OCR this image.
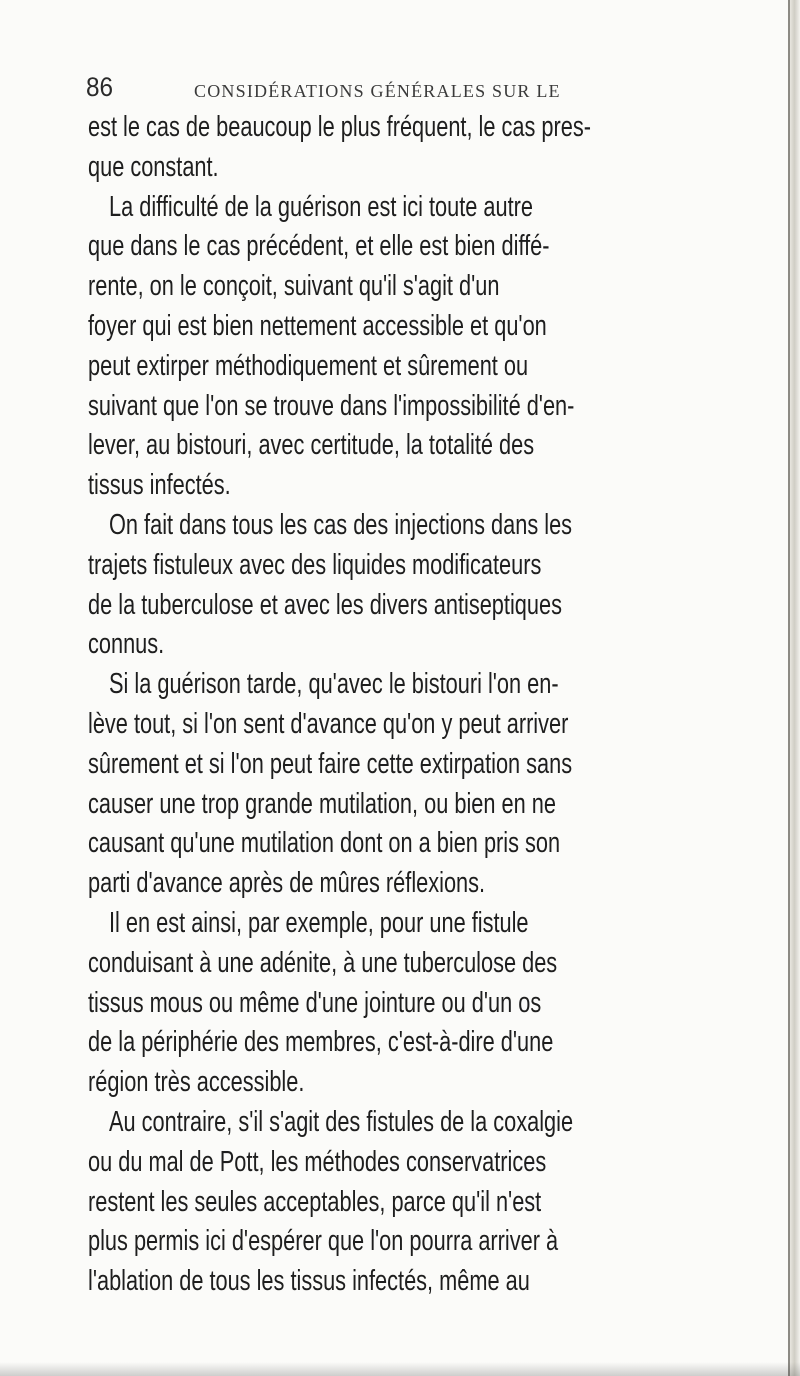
86	CONSIDÉRATIONS GÉNÉRALES SUR LE
est le cas de beaucoup le plus fréquent, le cas pres-
que constant.
La difficulté de la guérison est ici toute autre
que dans le cas précédent, et elle est bien diffé-
rente, on le conçoit, suivant qu'il s'agit d'un
foyer qui est bien nettement accessible et qu'on
peut extirper méthodiquement et sûrement ou
suivant que l'on se trouve dans l'impossibilité d'en-
lever, au bistouri, avec certitude, la totalité des
tissus infectés.
On fait dans tous les cas des injections dans les
trajets fistuleux avec des liquides modificateurs
de la tuberculose et avec les divers antiseptiques
connus.
Si la guérison tarde, qu'avec le bistouri l'on en-
lève tout, si l'on sent d'avance qu'on y peut arriver
sûrement et si l'on peut faire cette extirpation sans
causer une trop grande mutilation, ou bien en ne
causant qu'une mutilation dont on a bien pris son
parti d'avance après de mûres réflexions.
Il en est ainsi, par exemple, pour une fistule
conduisant à une adénite, à une tuberculose des
tissus mous ou même d'une jointure ou d'un os
de la périphérie des membres, c'est-à-dire d'une
région très accessible.
Au contraire, s'il s'agit des fistules de la coxalgie
ou du mal de Pott, les méthodes conservatrices
restent les seules acceptables, parce qu'il n'est
plus permis ici d'espérer que l'on pourra arriver à
l'ablation de tous les tissus infectés, même au
